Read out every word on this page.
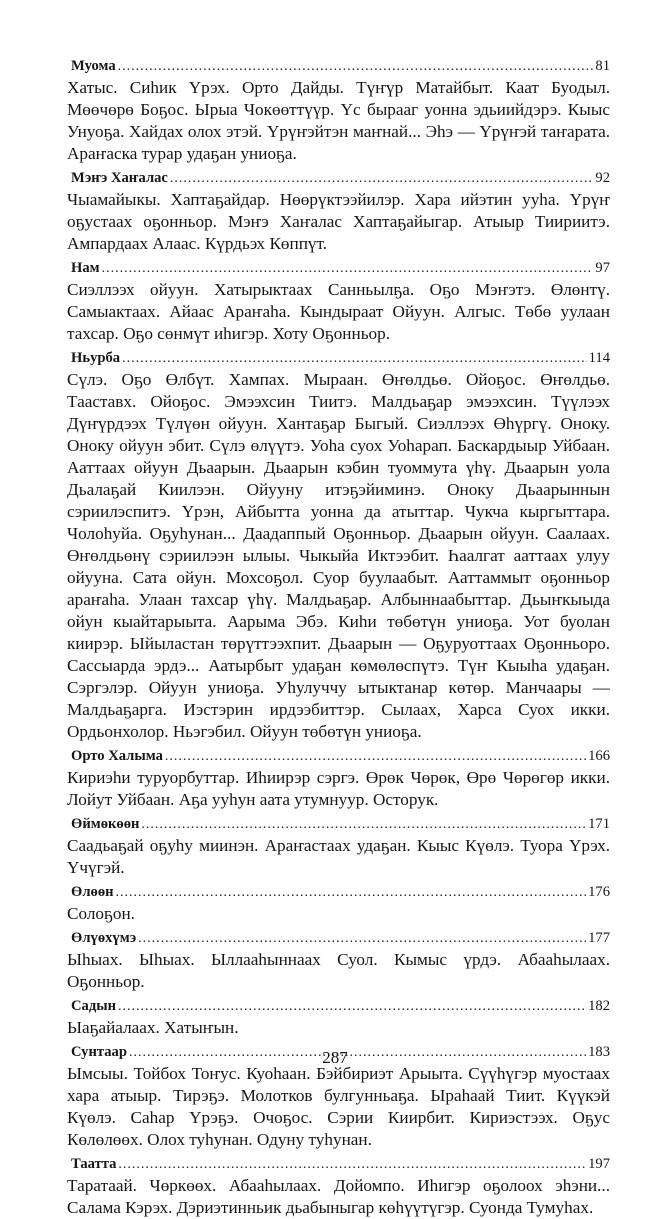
Муома .....	81

Хатыс. Сиһик Үрэх. Орто Дайды. Түҥүр Матайбыт. Каат Буодыл. Мөөчөрө Боҕос. Ырыа Чокөөттүүр. Үс бырааг уонна эдьиийдэрэ. Кыыс Унуоҕа. Хайдах олох этэй. Үрүҥэйтэн маҥнай... Эһэ — Үрүҥэй таҥарата. Араҥаска турар удаҕан униоҕа.

Мэҥэ Хаҥалас .....	92

Чыамайыкы. Хаптаҕайдар. Нөөрүктээйилэр. Хара ийэтин ууһа. Үрүҥ оҕустаах оҕонньор. Мэҥэ Хаҥалас Хаптаҕайыгар. Атыыр Тиириитэ. Ампардаах Алаас. Күрдьэх Көппүт.

Нам .....	97

Сиэллээх ойуун. Хатырыктаах Санньылҕа. Оҕо Мэҥэтэ. Өлөнтү. Самыактаах. Айаас Араҥаһа. Кындыраат Ойуун. Алгыс. Төбө уулаан тахсар. Оҕо сөнмүт иһигэр. Хоту Оҕонньор.

Ньурба .....	114

Сүлэ. Оҕо Өлбүт. Хампах. Мыраан. Өҥөлдьө. Ойоҕос. Өҥөлдьө. Тааставх. Ойоҕос. Эмээхсин Тиитэ. Малдьаҕар эмээхсин. Түүлээх Дүҥүрдээх Түлүөн ойуун. Хантаҕар Быгый. Сиэллээх Өһүргү. Оноку. Оноку ойуун эбит. Сүлэ өлүүтэ. Уоһа суох Уоһарап. Баскардыыр Уйбаан. Ааттаах ойуун Дьаарын. Дьаарын кэбин туоммута үһү. Дьаарын уола Дьалаҕай Киилээн. Ойууну итэҕэйиминэ. Оноку Дьаарыннын сэриилэспитэ. Үрэн, Айбытта уонна да атыттар. Чукча кыргыттара. Чолоһуйа. Оҕуһунан... Даадаппый Оҕонньор. Дьаарын ойуун. Саалаах. Өҥөлдьөнү сэриилээн ылыы. Чыкыйа Иктээбит. Һаалгат ааттаах улуу ойууна. Сата ойун. Мохсоҕол. Суор буулаабыт. Ааттаммыт оҕонньор араҥаһа. Улаан тахсар үһү. Малдьаҕар. Албыннаабыттар. Дьыҥкыыда ойун кыайтарыыта. Аарыма Эбэ. Киһи төбөтүн униоҕа. Уот буолан киирэр. Ыйыластан төрүттээхпит. Дьаарын — Оҕуруоттаах Оҕонньоро. Сассыарда эрдэ... Аатырбыт удаҕан көмөлөспүтэ. Түҥ Кыыһа удаҕан. Сэргэлэр. Ойуун униоҕа. Уһулуччу ытыктанар көтөр. Манчаары — Малдьаҕарга. Иэстэрин ирдээбиттэр. Сылаах, Харса Суох икки. Ордьонхолор. Ньэгэбил. Ойуун төбөтүн униоҕа.

Орто Халыма .....	166

Кириэһи туруорбуттар. Иһиирэр сэргэ. Өрөк Чөрөк, Өрө Чөрөгөр икки. Лойут Уйбаан. Аҕа ууһун аата утумнуур. Осторук.

Өймөкөөн .....	171

Саадьаҕай оҕуһу миинэн. Араҥастаах удаҕан. Кыыс Күөлэ. Туора Үрэх. Үчүгэй.

Өлөөн .....	176

Солоҕон.

Өлүөхүмэ .....	177

Ыһыах. Ыһыах. Ыллааһыннаах Суол. Кымыс үрдэ. Абааһылаах. Оҕонньор.

Садын .....	182

Ыаҕайалаах. Хатыҥын.

Сунтаар .....	183

Ымсыы. Тойбох Тоҥус. Куоһаан. Бэйбириэт Арыыта. Сүүһүгэр муостаах хара атыыр. Тирэҕэ. Молотков булгунньаҕа. Ыраһаай Тиит. Күүкэй Күөлэ. Саһар Үрэҕэ. Очоҕос. Сэрии Киирбит. Кириэстээх. Оҕус Көлөлөөх. Олох туһунан. Одуну туһунан.

Таатта .....	197

Таратаай. Чөркөөх. Абааһылаах. Дойомпо. Иһигэр оҕолоох эһэни... Салама Кэрэх. Дэриэтинньик дьабыныгар көһүүтүгэр. Суонда Тумуһах.

287
